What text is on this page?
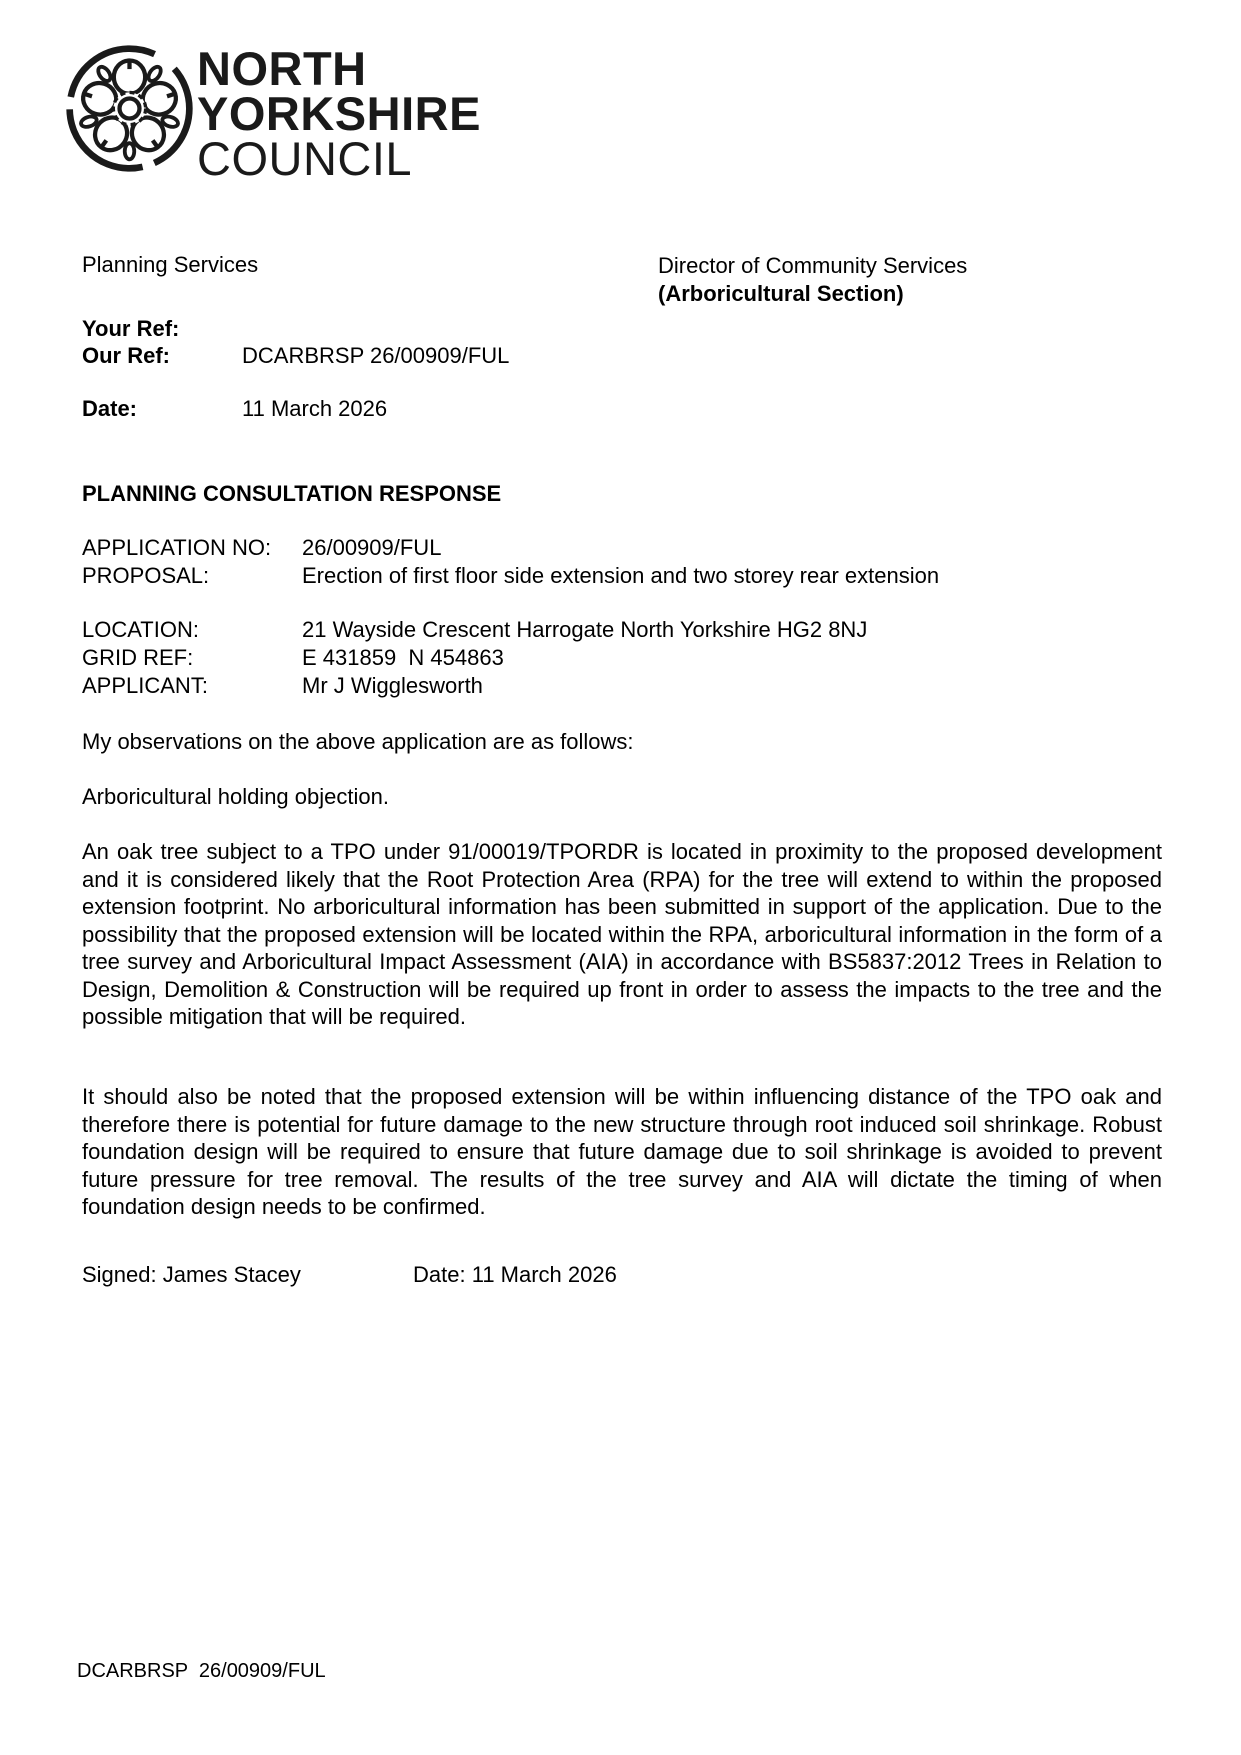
NORTH
YORKSHIRE
COUNCIL
Planning Services	Director of Community Services
(Arboricultural Section)
Your Ref:
Our Ref:	DCARBRSP 26/00909/FUL
Date:	11 March 2026
PLANNING CONSULTATION RESPONSE
APPLICATION NO: 26/00909/FUL
PROPOSAL:	Erection of first floor side extension and two storey rear extension
LOCATION:	21 Wayside Crescent Harrogate North Yorkshire HG2 8NJ
GRID REF:	E 431859  N 454863
APPLICANT:	Mr J Wigglesworth
My observations on the above application are as follows:
Arboricultural holding objection.
An oak tree subject to a TPO under 91/00019/TPORDR is located in proximity to the proposed development and it is considered likely that the Root Protection Area (RPA) for the tree will extend to within the proposed extension footprint. No arboricultural information has been submitted in support of the application. Due to the possibility that the proposed extension will be located within the RPA, arboricultural information in the form of a tree survey and Arboricultural Impact Assessment (AIA) in accordance with BS5837:2012 Trees in Relation to Design, Demolition & Construction will be required up front in order to assess the impacts to the tree and the possible mitigation that will be required.
It should also be noted that the proposed extension will be within influencing distance of the TPO oak and therefore there is potential for future damage to the new structure through root induced soil shrinkage. Robust foundation design will be required to ensure that future damage due to soil shrinkage is avoided to prevent future pressure for tree removal. The results of the tree survey and AIA will dictate the timing of when foundation design needs to be confirmed.
Signed: James Stacey	Date: 11 March 2026
DCARBRSP  26/00909/FUL
